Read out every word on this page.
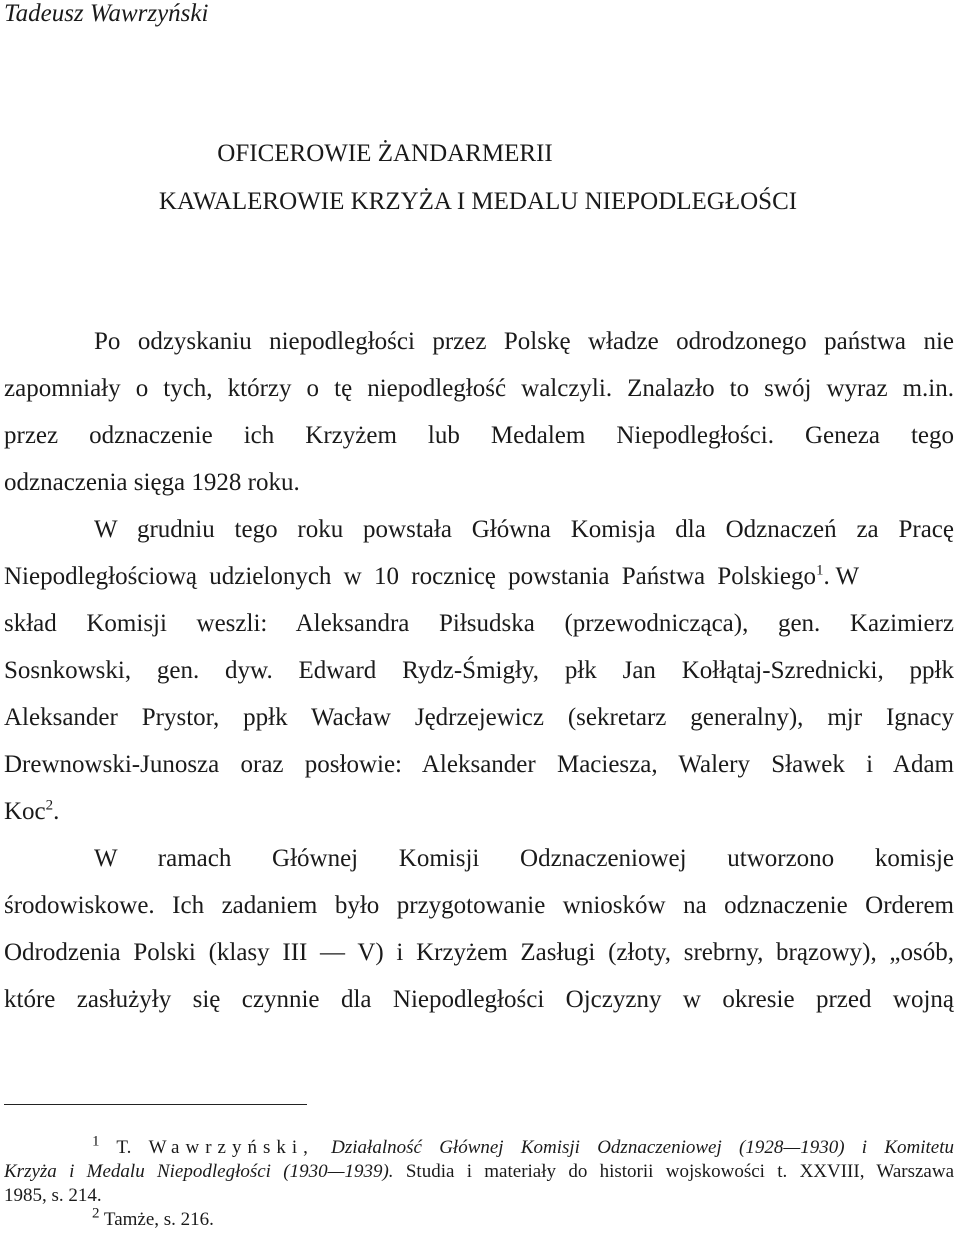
Tadeusz Wawrzyński
OFICEROWIE ŻANDARMERII
KAWALEROWIE KRZYŻA I MEDALU NIEPODLEGŁOŚCI
Po odzyskaniu niepodległości przez Polskę władze odrodzonego państwa nie
zapomniały o tych, którzy o tę niepodległość walczyli. Znalazło to swój wyraz m.in.
przez odznaczenie ich Krzyżem lub Medalem Niepodległości. Geneza tego
odznaczenia sięga 1928 roku.
W grudniu tego roku powstała Główna Komisja dla Odznaczeń za Pracę
Niepodległościową udzielonych w 10 rocznicę powstania Państwa Polskiego$^1$. W
skład Komisji weszli: Aleksandra Piłsudska (przewodnicząca), gen. Kazimierz
Sosnkowski, gen. dyw. Edward Rydz-Śmigły, płk Jan Kołłątaj-Szrednicki, ppłk
Aleksander Prystor, ppłk Wacław Jędrzejewicz (sekretarz generalny), mjr Ignacy
Drewnowski-Junosza oraz posłowie: Aleksander Maciesza, Walery Sławek i Adam
Koc$^2$.
W ramach Głównej Komisji Odznaczeniowej utworzono komisje
środowiskowe. Ich zadaniem było przygotowanie wniosków na odznaczenie Orderem
Odrodzenia Polski (klasy III — V) i Krzyżem Zasługi (złoty, srebrny, brązowy), „osób,
które zasłużyły się czynnie dla Niepodległości Ojczyzny w okresie przed wojną
$^1$ T. Wawrzyński, Działalność Głównej Komisji Odznaczeniowej (1928—1930) i Komitetu
Krzyża i Medalu Niepodległości (1930—1939). Studia i materiały do historii wojskowości t. XXVIII, Warszawa
1985, s. 214.
$^2$ Tamże, s. 216.
